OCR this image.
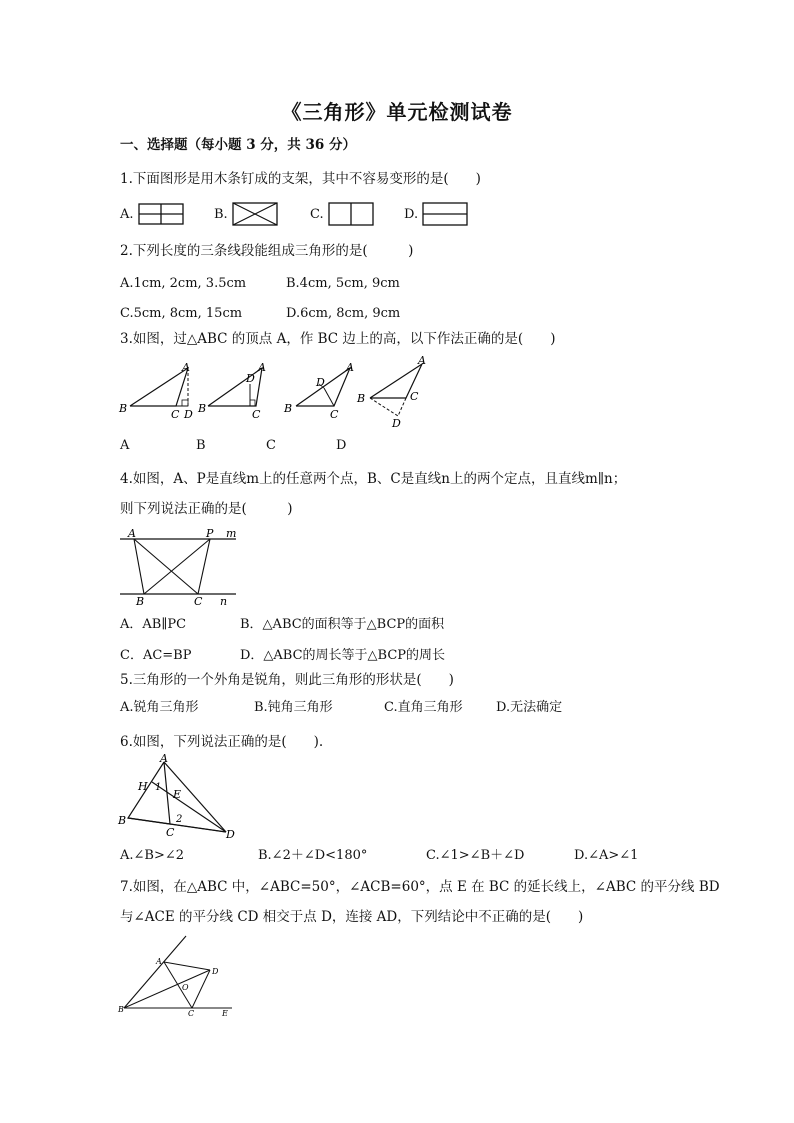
《三角形》单元检测试卷
一、选择题（每小题 3 分，共 36 分）
1.下面图形是用木条钉成的支架，其中不容易变形的是(　　)
A.	B.	C.	D.
2.下列长度的三条线段能组成三角形的是(　　　)
A.1cm, 2cm, 3.5cm	B.4cm, 5cm, 9cm
C.5cm, 8cm, 15cm	D.6cm, 8cm, 9cm
3.如图，过△ABC 的顶点 A，作 BC 边上的高，以下作法正确的是(　　)
A
B	C D
A
D
B	C
A
D
B	C
A
B	C
D
A	B	C	D
4.如图，A、P是直线m上的任意两个点，B、C是直线n上的两个定点，且直线m∥n；
则下列说法正确的是(　　　)
A	P m
B	C n
A．AB∥PC	B．△ABC的面积等于△BCP的面积
C．AC=BP	D．△ABC的周长等于△BCP的周长
5.三角形的一个外角是锐角，则此三角形的形状是(　　)
A.锐角三角形	B.钝角三角形	C.直角三角形	D.无法确定
6.如图，下列说法正确的是(　　).
A
H 1
E
2
B
C	D
A.∠B>∠2	B.∠2＋∠D<180°	C.∠1>∠B＋∠D	D.∠A>∠1
7.如图，在△ABC 中，∠ABC=50°，∠ACB=60°，点 E 在 BC 的延长线上，∠ABC 的平分线 BD
与∠ACE 的平分线 CD 相交于点 D，连接 AD，下列结论中不正确的是(　　)
A
D
O
B	C	E
